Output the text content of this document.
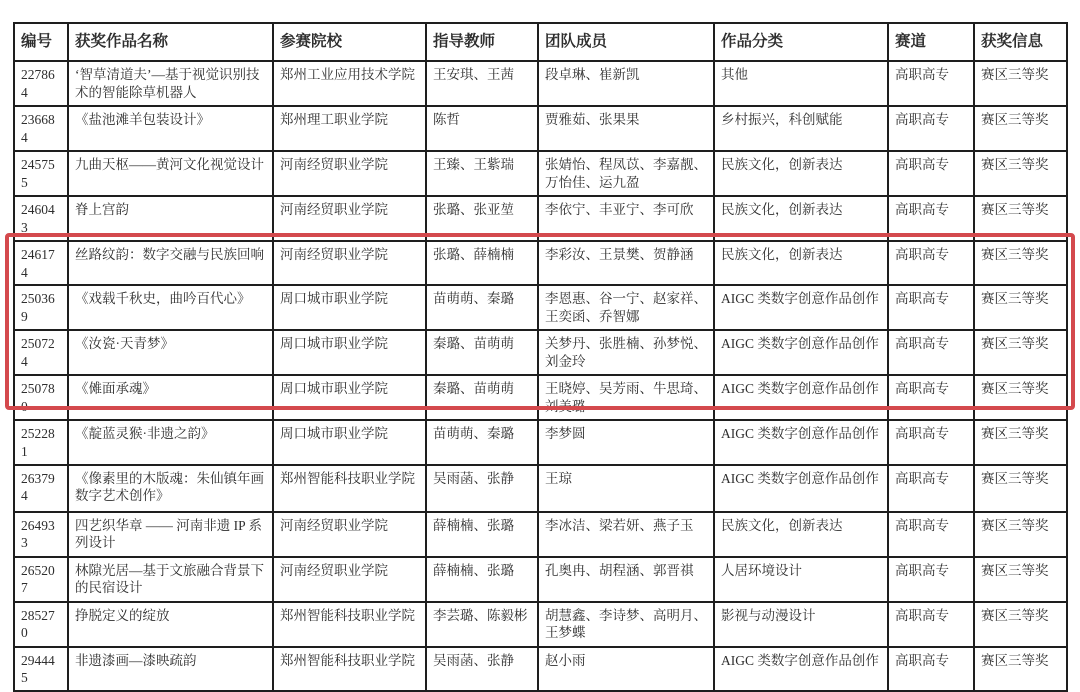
编号	获奖作品名称	参赛院校	指导教师	团队成员	作品分类	赛道	获奖信息
227864	‘智草清道夫’—基于视觉识别技术的智能除草机器人	郑州工业应用技术学院	王安琪、王茜	段卓琳、崔新凯	其他	高职高专	赛区三等奖
236684	《盐池滩羊包装设计》	郑州理工职业学院	陈哲	贾雅茹、张果果	乡村振兴，科创赋能	高职高专	赛区三等奖
245755	九曲天枢——黄河文化视觉设计	河南经贸职业学院	王臻、王紫瑞	张婧怡、程凤苡、李嘉靓、万怡佳、运九盈	民族文化，创新表达	高职高专	赛区三等奖
246043	脊上宫韵	河南经贸职业学院	张璐、张亚堃	李依宁、丰亚宁、李可欣	民族文化，创新表达	高职高专	赛区三等奖
246174	丝路纹韵：数字交融与民族回响	河南经贸职业学院	张璐、薛楠楠	李彩汝、王景樊、贺静涵	民族文化，创新表达	高职高专	赛区三等奖
250369	《戏载千秋史，曲吟百代心》	周口城市职业学院	苗萌萌、秦璐	李恩惠、谷一宁、赵家祥、王奕函、乔智娜	AIGC 类数字创意作品创作	高职高专	赛区三等奖
250724	《汝瓷·天青梦》	周口城市职业学院	秦璐、苗萌萌	关梦丹、张胜楠、孙梦悦、刘金玲	AIGC 类数字创意作品创作	高职高专	赛区三等奖
250780	《傩面承魂》	周口城市职业学院	秦璐、苗萌萌	王晓婷、吴芳雨、牛思琦、刘美璐	AIGC 类数字创意作品创作	高职高专	赛区三等奖
252281	《靛蓝灵猴·非遗之韵》	周口城市职业学院	苗萌萌、秦璐	李梦圆	AIGC 类数字创意作品创作	高职高专	赛区三等奖
263794	《像素里的木版魂：朱仙镇年画数字艺术创作》	郑州智能科技职业学院	吴雨菡、张静	王琼	AIGC 类数字创意作品创作	高职高专	赛区三等奖
264933	四艺织华章 —— 河南非遗 IP 系列设计	河南经贸职业学院	薛楠楠、张璐	李冰洁、梁若妍、燕子玉	民族文化，创新表达	高职高专	赛区三等奖
265207	林隙光居—基于文旅融合背景下的民宿设计	河南经贸职业学院	薛楠楠、张璐	孔奥冉、胡程涵、郭晋祺	人居环境设计	高职高专	赛区三等奖
285270	挣脱定义的绽放	郑州智能科技职业学院	李芸璐、陈毅彬	胡慧鑫、李诗梦、高明月、王梦蝶	影视与动漫设计	高职高专	赛区三等奖
294445	非遗漆画—漆映疏韵	郑州智能科技职业学院	吴雨菡、张静	赵小雨	AIGC 类数字创意作品创作	高职高专	赛区三等奖
